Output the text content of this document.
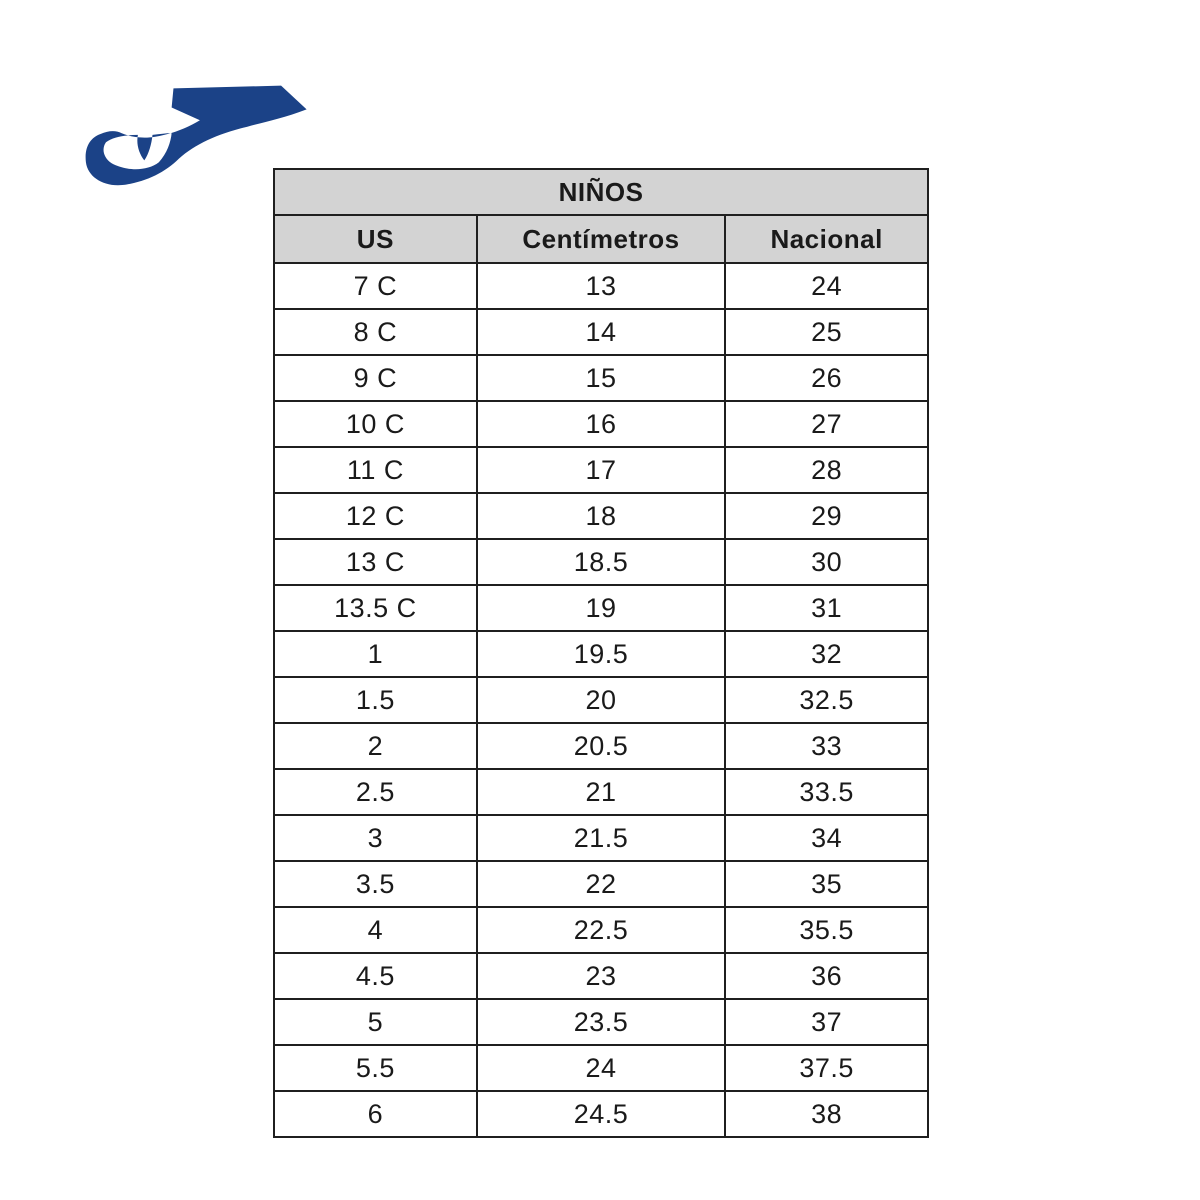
NIÑOS		
US	Centímetros	Nacional
7 C	13	24
8 C	14	25
9 C	15	26
10 C	16	27
11 C	17	28
12 C	18	29
13 C	18.5	30
13.5 C	19	31
1	19.5	32
1.5	20	32.5
2	20.5	33
2.5	21	33.5
3	21.5	34
3.5	22	35
4	22.5	35.5
4.5	23	36
5	23.5	37
5.5	24	37.5
6	24.5	38
